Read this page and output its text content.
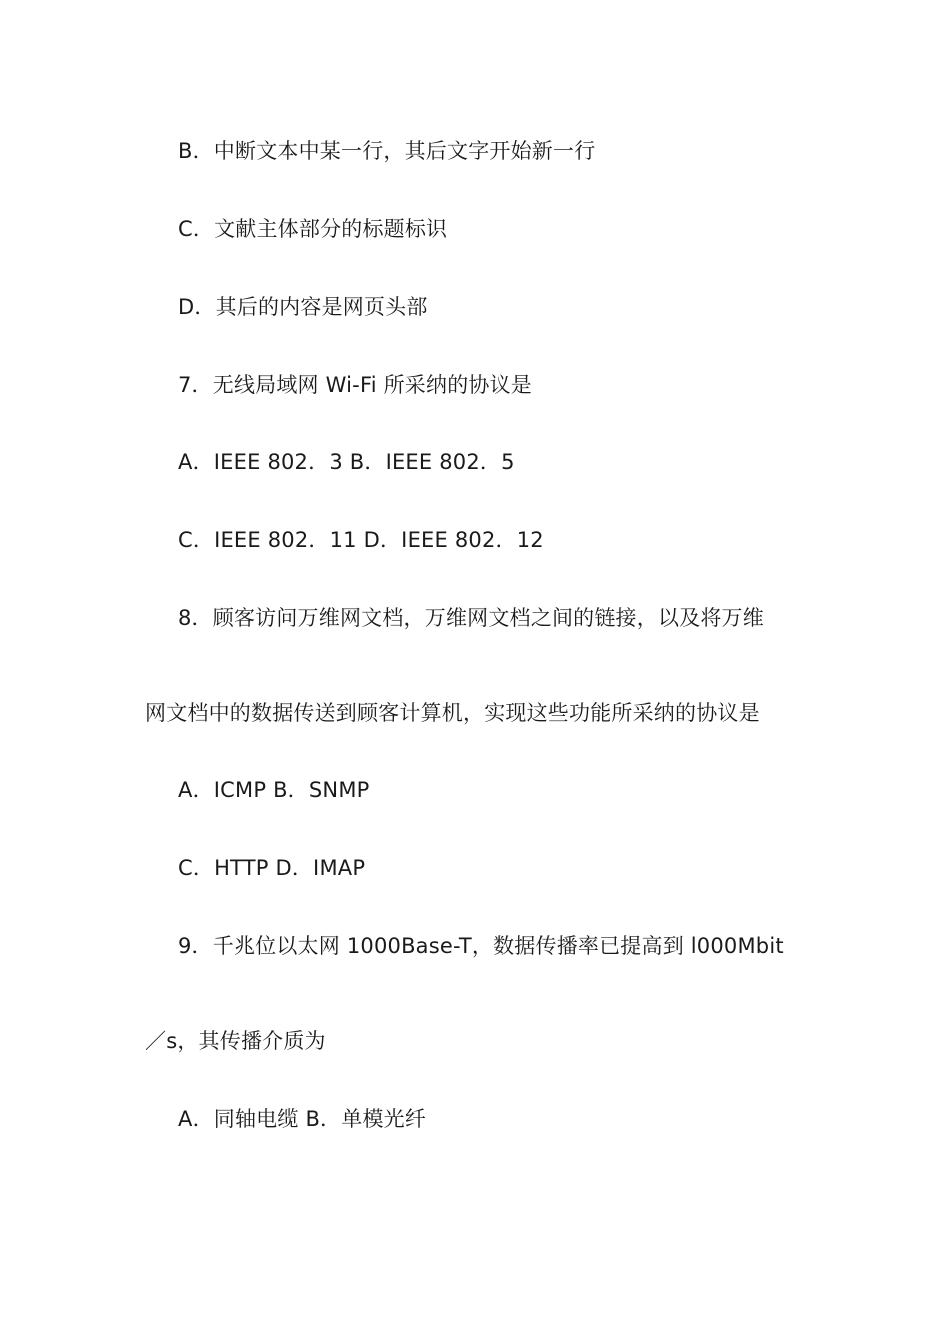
B．中断文本中某一行，其后文字开始新一行
C．文献主体部分的标题标识
D．其后的内容是网页头部
7．无线局域网 Wi-Fi 所采纳的协议是
A．IEEE 802．3 B．IEEE 802．5
C．IEEE 802．11 D．IEEE 802．12
8．顾客访问万维网文档，万维网文档之间的链接，以及将万维
网文档中的数据传送到顾客计算机，实现这些功能所采纳的协议是
A．ICMP B．SNMP
C．HTTP D．IMAP
9．千兆位以太网 1000Base-T，数据传播率已提高到 l000Mbit
／s，其传播介质为
A．同轴电缆 B．单模光纤
